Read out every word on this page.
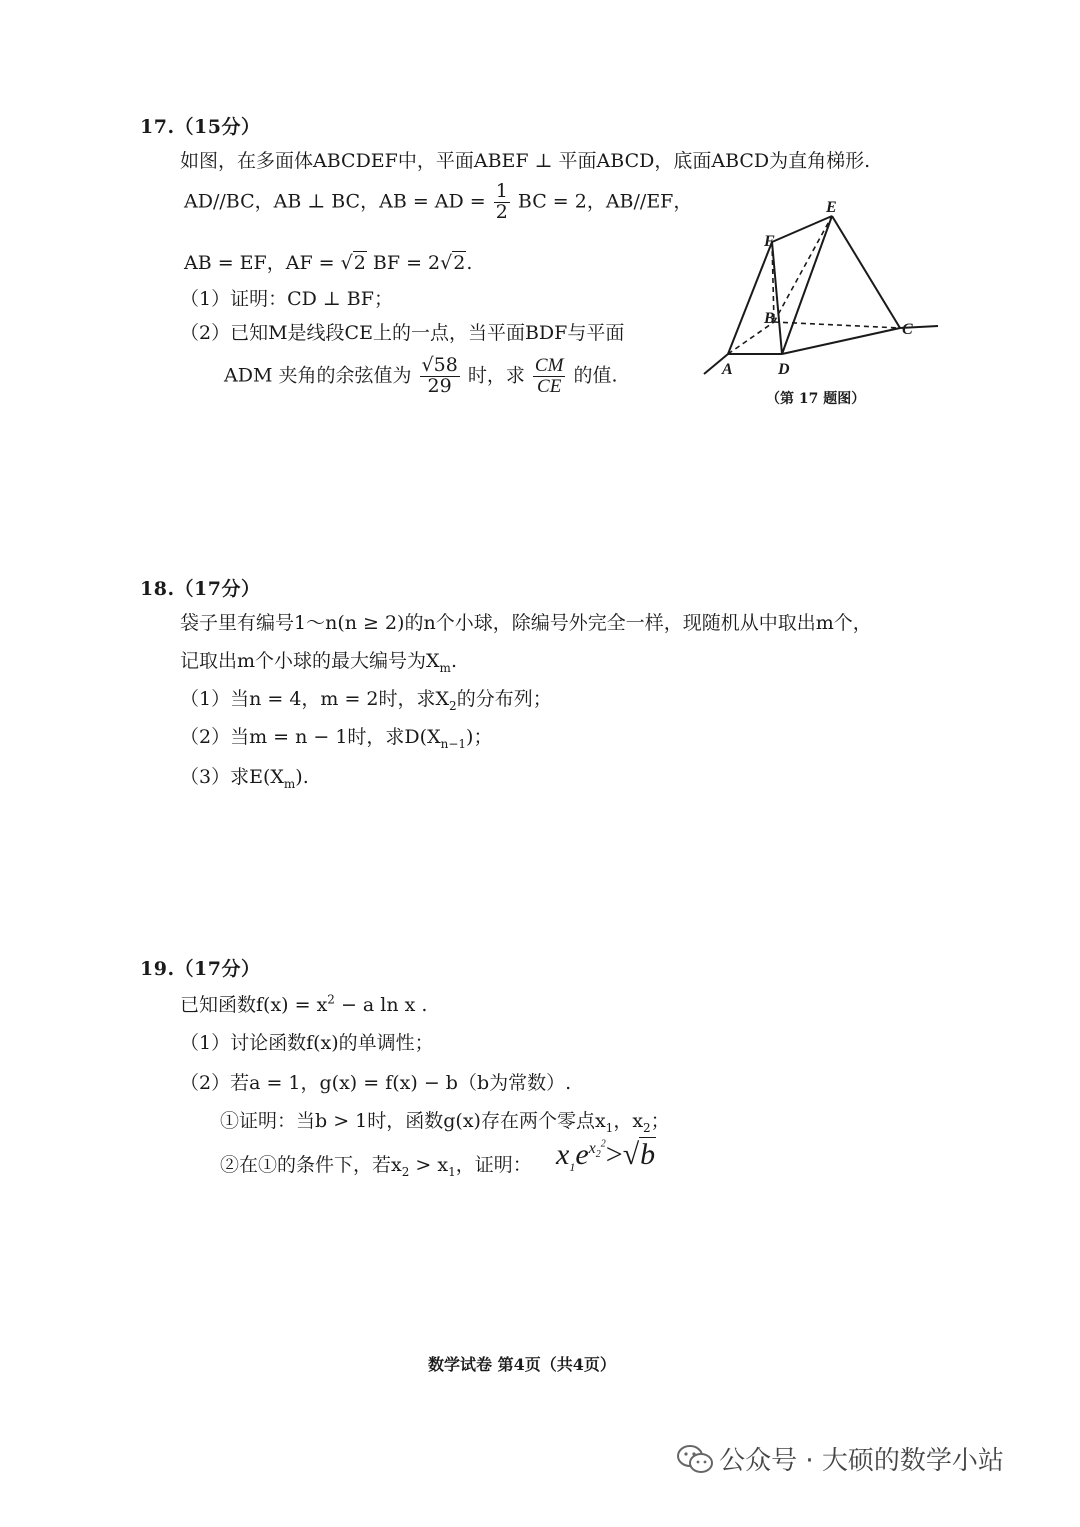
17.（15分）
如图，在多面体ABCDEF中，平面ABEF ⊥ 平面ABCD，底面ABCD为直角梯形.
AD//BC，AB ⊥ BC，AB = AD = $\frac{1}{2}$ BC = 2，AB//EF，
AB = EF，AF = √2 BF = 2√2.
（1）证明：CD ⊥ BF；
（2）已知M是线段CE上的一点，当平面BDF与平面
ADM 夹角的余弦值为 $\frac{√58}{29}$ 时，求 $\frac{CM}{CE}$ 的值.
E
F
B
C
A	D
（第 17 题图）
18.（17分）
袋子里有编号1～n(n ≥ 2)的n个小球，除编号外完全一样，现随机从中取出m个，
记取出m个小球的最大编号为$X_m$.
（1）当n = 4，m = 2时，求$X_2$的分布列；
（2）当m = n − 1时，求$D(X_{n-1})$；
（3）求$E(X_m)$.
19.（17分）
已知函数$f(x) = x^2 - a$ ln x .
（1）讨论函数f(x)的单调性；
（2）若a = 1，g(x) = f(x) − b（b为常数）.
①证明：当b > 1时，函数g(x)存在两个零点$x_1$，$x_2$；
②在①的条件下，若$x_2 > x_1$，证明： $x_1e^{x_2^2}>√b$
数学试卷 第4页（共4页）
公众号 · 大硕的数学小站
